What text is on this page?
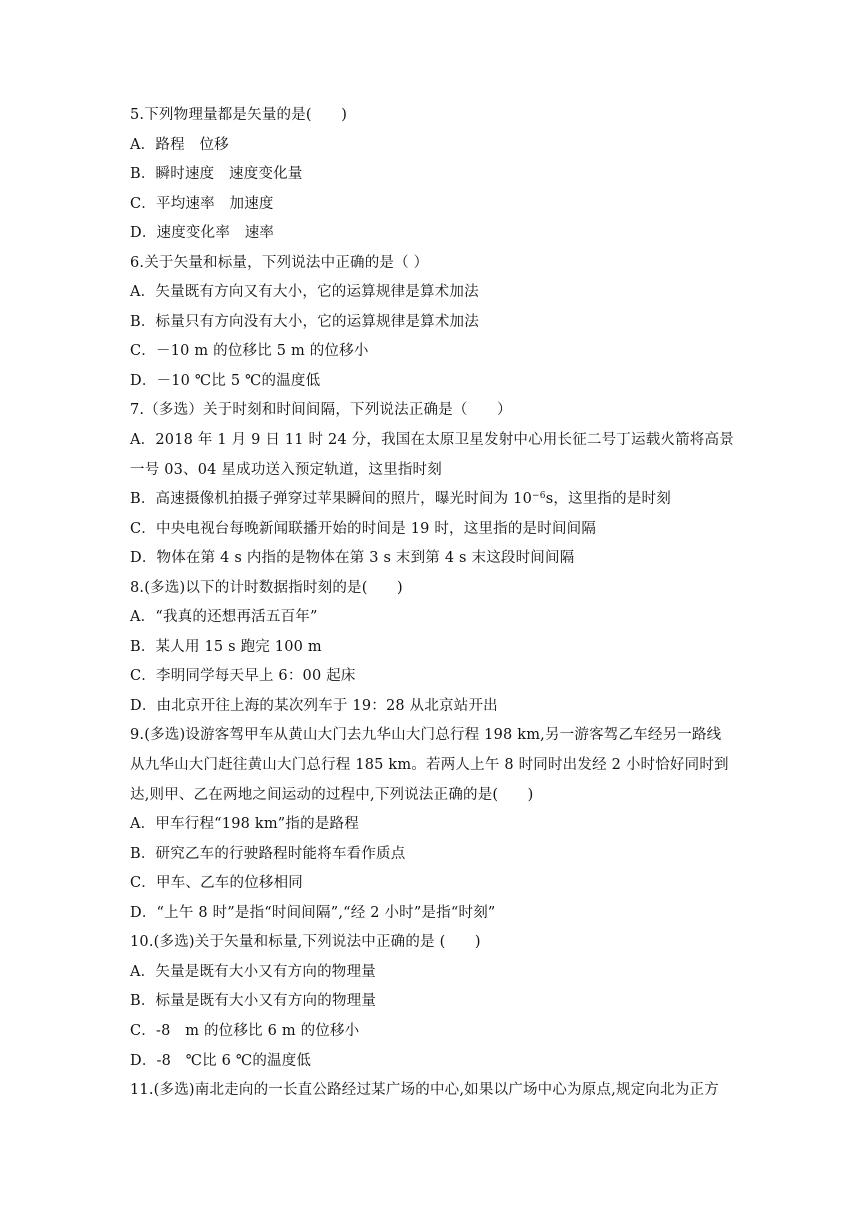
5.下列物理量都是矢量的是(　　)
A．路程　位移
B．瞬时速度　速度变化量
C．平均速率　加速度
D．速度变化率　速率
6.关于矢量和标量，下列说法中正确的是（ ）
A．矢量既有方向又有大小，它的运算规律是算术加法
B．标量只有方向没有大小，它的运算规律是算术加法
C．－10 m 的位移比 5 m 的位移小
D．－10 ℃比 5 ℃的温度低
7.（多选）关于时刻和时间间隔，下列说法正确是（　　）
A．2018 年 1 月 9 日 11 时 24 分，我国在太原卫星发射中心用长征二号丁运载火箭将高景
一号 03、04 星成功送入预定轨道，这里指时刻
B．高速摄像机拍摄子弹穿过苹果瞬间的照片，曝光时间为 $10^{-6}s$，这里指的是时刻
C．中央电视台每晚新闻联播开始的时间是 19 时，这里指的是时间间隔
D．物体在第 4 s 内指的是物体在第 3 s 末到第 4 s 末这段时间间隔
8.(多选)以下的计时数据指时刻的是(　　)
A．“我真的还想再活五百年”
B．某人用 15 s 跑完 100 m
C．李明同学每天早上 6：00 起床
D．由北京开往上海的某次列车于 19：28 从北京站开出
9.(多选)设游客驾甲车从黄山大门去九华山大门总行程 198 km,另一游客驾乙车经另一路线
从九华山大门赶往黄山大门总行程 185 km。若两人上午 8 时同时出发经 2 小时恰好同时到
达,则甲、乙在两地之间运动的过程中,下列说法正确的是(　　)
A．甲车行程“198 km”指的是路程
B．研究乙车的行驶路程时能将车看作质点
C．甲车、乙车的位移相同
D．“上午 8 时”是指“时间间隔”,“经 2 小时”是指“时刻”
10.(多选)关于矢量和标量,下列说法中正确的是 (　　)
A．矢量是既有大小又有方向的物理量
B．标量是既有大小又有方向的物理量
C．-8　m 的位移比 6 m 的位移小
D．-8　℃比 6 ℃的温度低
11.(多选)南北走向的一长直公路经过某广场的中心,如果以广场中心为原点,规定向北为正方
